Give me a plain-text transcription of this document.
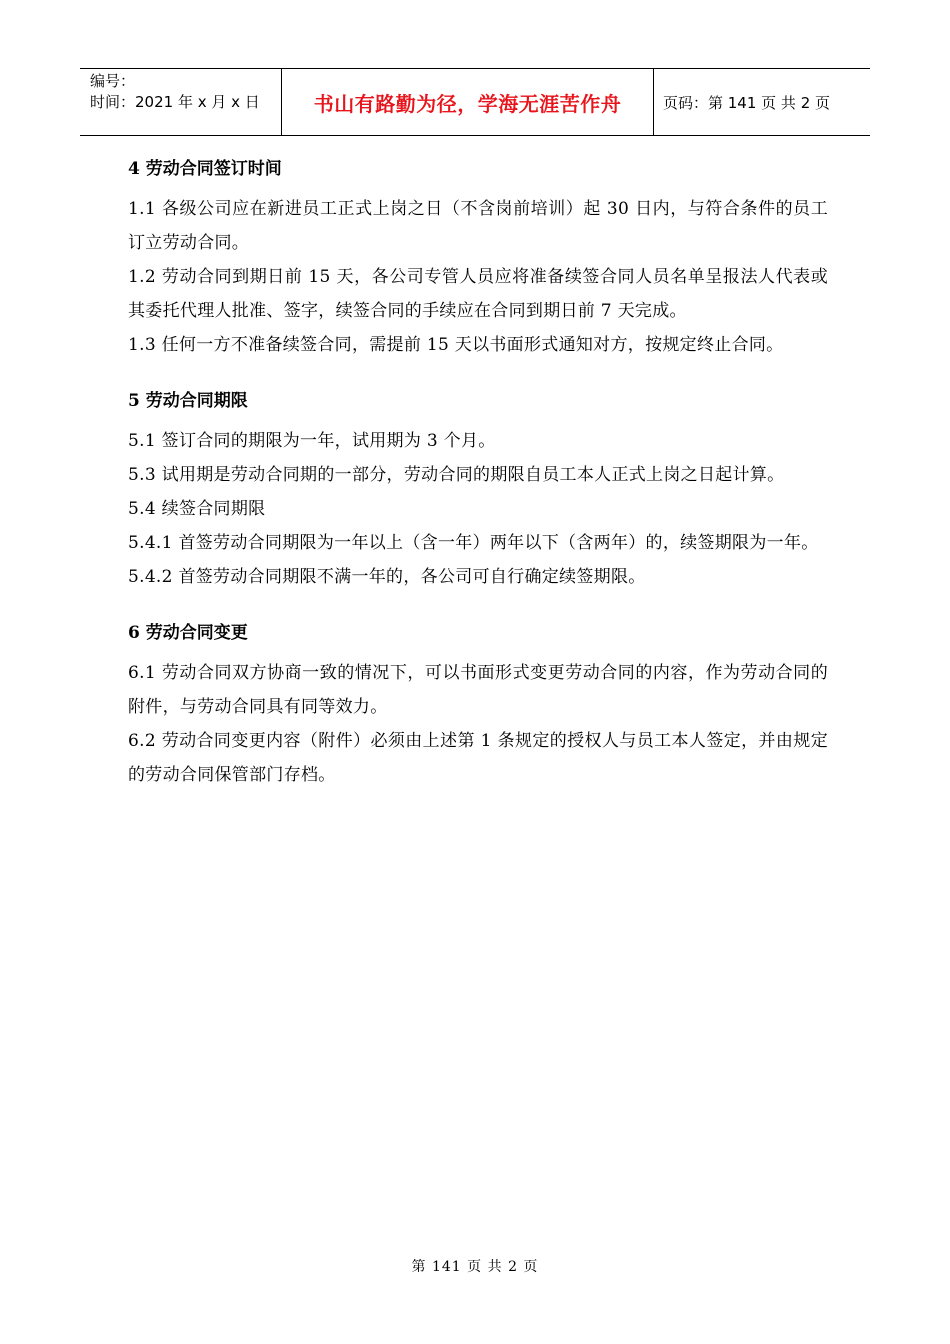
编号：
时间：2021 年 x 月 x 日	书山有路勤为径，学海无涯苦作舟	页码：第 141 页 共 2 页
4 劳动合同签订时间

1.1 各级公司应在新进员工正式上岗之日（不含岗前培训）起 30 日内，与符合条件的员工订立劳动合同。

1.2 劳动合同到期日前 15 天，各公司专管人员应将准备续签合同人员名单呈报法人代表或其委托代理人批准、签字，续签合同的手续应在合同到期日前 7 天完成。

1.3 任何一方不准备续签合同，需提前 15 天以书面形式通知对方，按规定终止合同。

5 劳动合同期限

5.1 签订合同的期限为一年，试用期为 3 个月。

5.3 试用期是劳动合同期的一部分，劳动合同的期限自员工本人正式上岗之日起计算。

5.4 续签合同期限

5.4.1 首签劳动合同期限为一年以上（含一年）两年以下（含两年）的，续签期限为一年。

5.4.2 首签劳动合同期限不满一年的，各公司可自行确定续签期限。

6 劳动合同变更

6.1 劳动合同双方协商一致的情况下，可以书面形式变更劳动合同的内容，作为劳动合同的附件，与劳动合同具有同等效力。

6.2 劳动合同变更内容（附件）必须由上述第 1 条规定的授权人与员工本人签定，并由规定的劳动合同保管部门存档。

第 141 页 共 2 页
